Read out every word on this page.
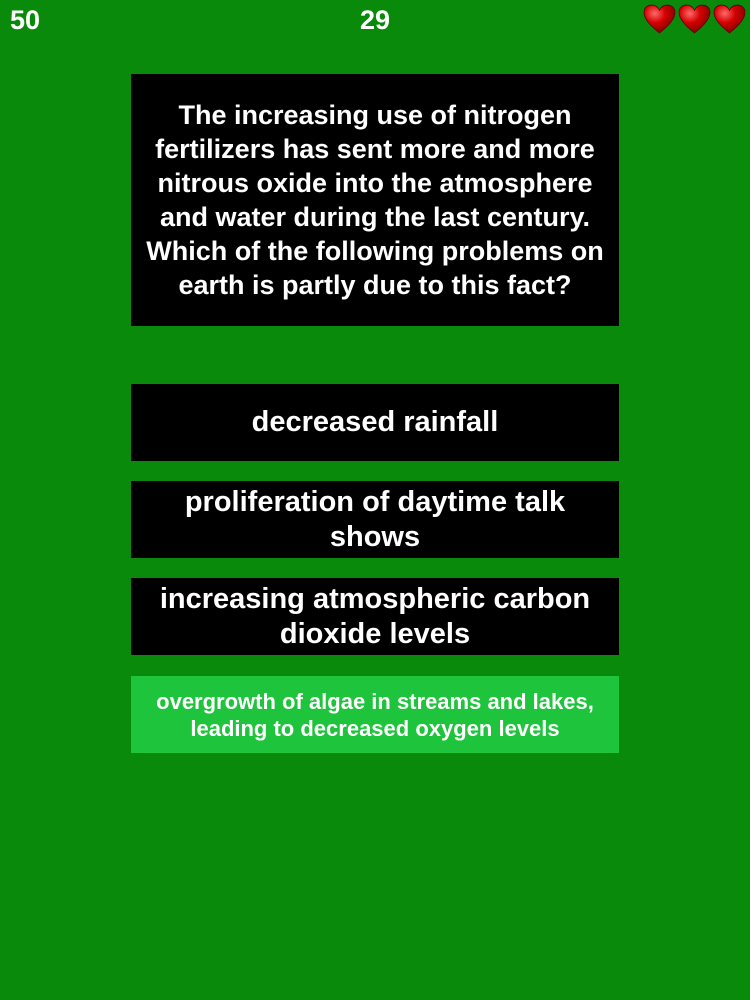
50	29
The increasing use of nitrogen fertilizers has sent more and more nitrous oxide into the atmosphere and water during the last century. Which of the following problems on earth is partly due to this fact?
decreased rainfall
proliferation of daytime talk shows
increasing atmospheric carbon dioxide levels
overgrowth of algae in streams and lakes, leading to decreased oxygen levels
